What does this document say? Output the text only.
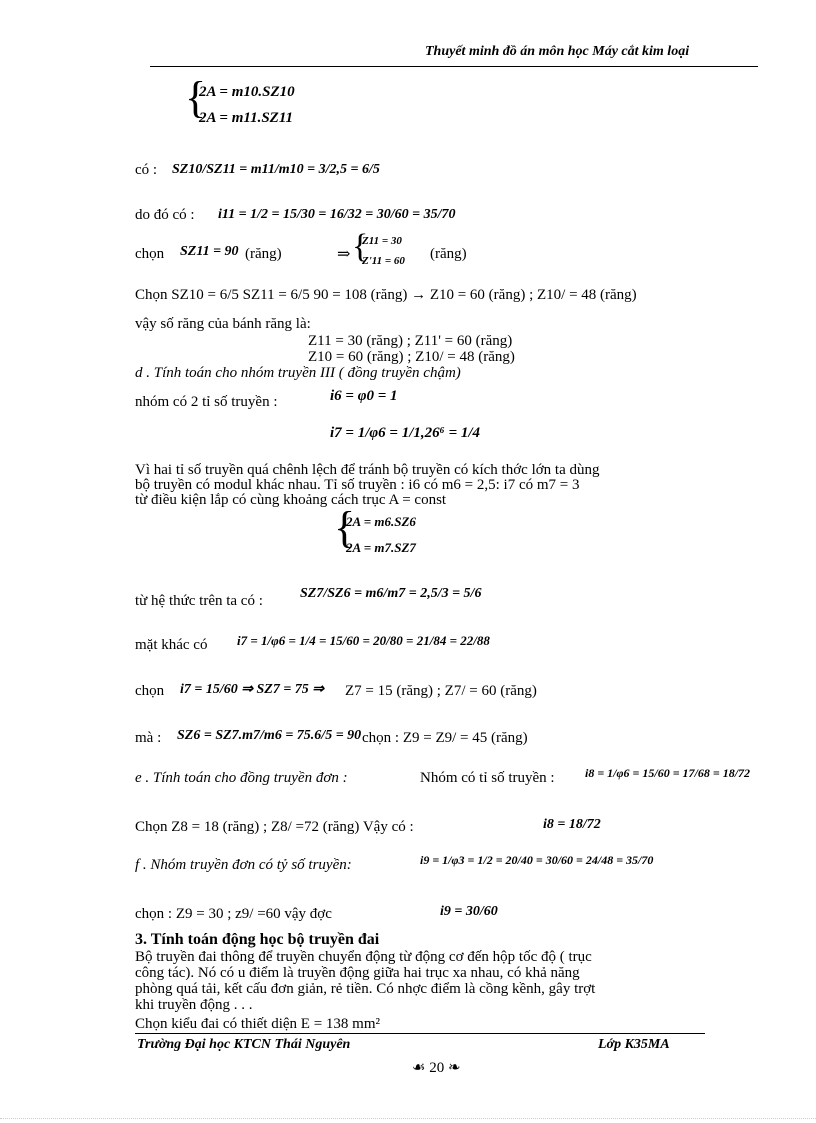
Thuyết minh đồ án môn học Máy cắt kim loại
{
2A = m10.SZ10
2A = m11.SZ11
có : SZ10/SZ11 = m11/m10 = 3/2,5 = 6/5
do đó có : i11 = 1/2 = 15/30 = 16/32 = 30/60 = 35/70
chọn SZ11 = 90 (răng)	⇒ {
Z11 = 30
Z'11 = 60 (răng)
Chọn SZ10 = 6/5 SZ11 = 6/5 90 = 108 (răng) → Z10 = 60 (răng) ; Z10/ = 48 (răng)
vậy số răng của bánh răng là:
Z11 = 30 (răng) ; Z11' = 60 (răng)
Z10 = 60 (răng) ; Z10/ = 48 (răng)
d . Tính toán cho nhóm truyền III ( đồng truyền chậm)
nhóm có 2 tỉ số truyền :	i6 = φ0 = 1
i7 = 1/φ6 = 1/1,26⁶ = 1/4
Vì hai tỉ số truyền quá chênh lệch để tránh bộ truyền có kích thớc lớn ta dùng
bộ truyền có modul khác nhau. Tỉ số truyền : i6 có m6 = 2,5: i7 có m7 = 3
từ điều kiện lắp có cùng khoảng cách trục A = const
{
2A = m6.SZ6
2A = m7.SZ7
từ hệ thức trên ta có :	SZ7/SZ6 = m6/m7 = 2,5/3 = 5/6
mặt khác có i7 = 1/φ6 = 1/4 = 15/60 = 20/80 = 21/84 = 22/88
chọn i7 = 15/60 ⇒ SZ7 = 75 ⇒ Z7 = 15 (răng) ; Z7/ = 60 (răng)
mà : SZ6 = SZ7.m7/m6 = 75.6/5 = 90 chọn : Z9 = Z9/ = 45 (răng)
e . Tính toán cho đồng truyền đơn :	Nhóm có tỉ số truyền :	i8 = 1/φ6 = 15/60 = 17/68 = 18/72
Chọn Z8 = 18 (răng) ; Z8/ =72 (răng) Vậy có :	i8 = 18/72
f . Nhóm truyền đơn có tỷ số truyền:	i9 = 1/φ3 = 1/2 = 20/40 = 30/60 = 24/48 = 35/70
chọn : Z9 = 30 ; z9/ =60 vậy đợc	i9 = 30/60
3. Tính toán động học bộ truyền đai
Bộ truyền đai thông để truyền chuyển động từ động cơ đến hộp tốc độ ( trục
công tác). Nó có u điểm là truyền động giữa hai trục xa nhau, có khả năng
phòng quá tải, kết cấu đơn giản, rẻ tiền. Có nhợc điểm là cồng kềnh, gây trợt
khi truyền động . . .
Chọn kiểu đai có thiết diện E = 138 mm²
Trường Đại học KTCN Thái Nguyên	Lớp K35MA
☙ 20 ❧
